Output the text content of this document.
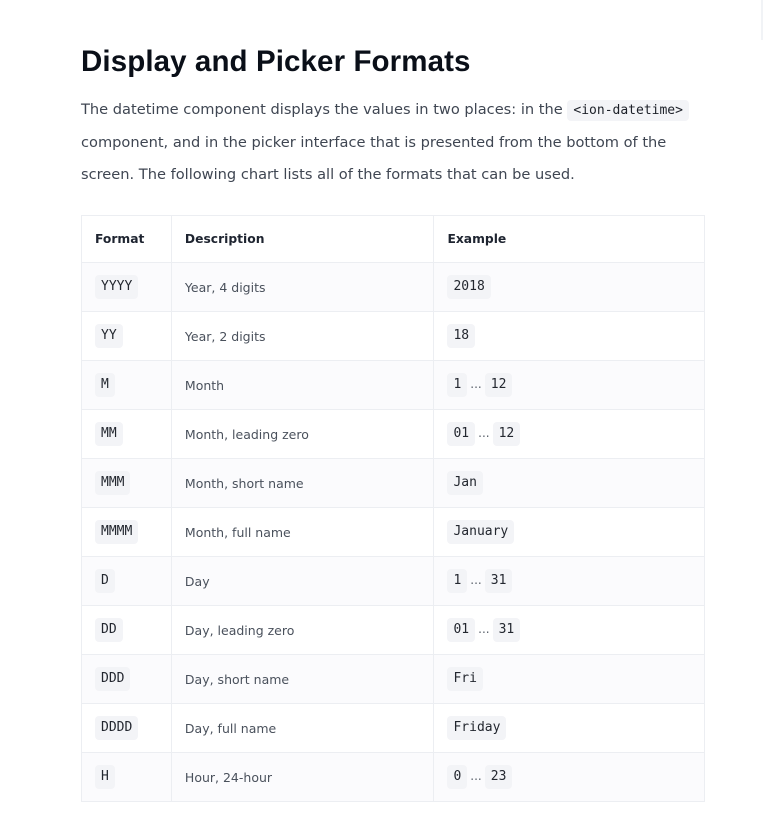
Display and Picker Formats

The datetime component displays the values in two places: in the <ion-datetime> component, and in the picker interface that is presented from the bottom of the screen. The following chart lists all of the formats that can be used.

Format	Description	Example
YYYY	Year, 4 digits	2018
YY	Year, 2 digits	18
M	Month	1 ... 12
MM	Month, leading zero	01 ... 12
MMM	Month, short name	Jan
MMMM	Month, full name	January
D	Day	1 ... 31
DD	Day, leading zero	01 ... 31
DDD	Day, short name	Fri
DDDD	Day, full name	Friday
H	Hour, 24-hour	0 ... 23
